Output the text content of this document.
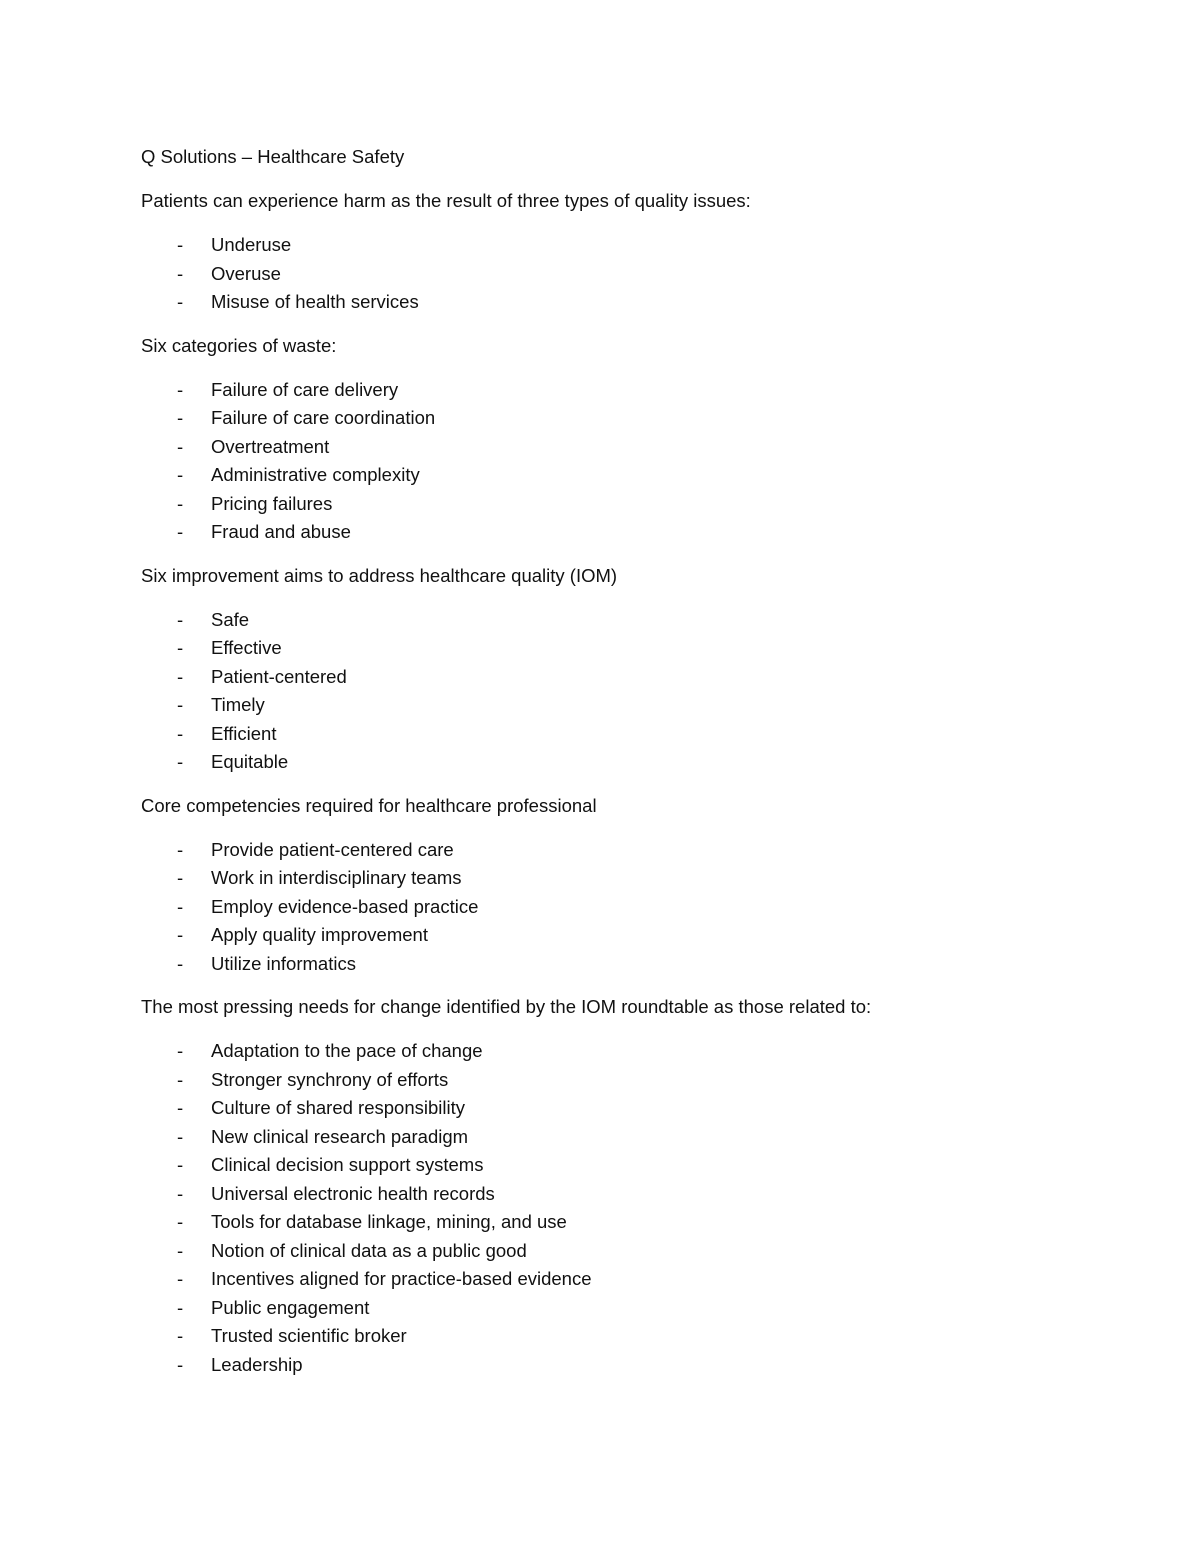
Q Solutions – Healthcare Safety

Patients can experience harm as the result of three types of quality issues:

- Underuse
- Overuse
- Misuse of health services

Six categories of waste:

- Failure of care delivery
- Failure of care coordination
- Overtreatment
- Administrative complexity
- Pricing failures
- Fraud and abuse

Six improvement aims to address healthcare quality (IOM)

- Safe
- Effective
- Patient-centered
- Timely
- Efficient
- Equitable

Core competencies required for healthcare professional

- Provide patient-centered care
- Work in interdisciplinary teams
- Employ evidence-based practice
- Apply quality improvement
- Utilize informatics

The most pressing needs for change identified by the IOM roundtable as those related to:

- Adaptation to the pace of change
- Stronger synchrony of efforts
- Culture of shared responsibility
- New clinical research paradigm
- Clinical decision support systems
- Universal electronic health records
- Tools for database linkage, mining, and use
- Notion of clinical data as a public good
- Incentives aligned for practice-based evidence
- Public engagement
- Trusted scientific broker
- Leadership
